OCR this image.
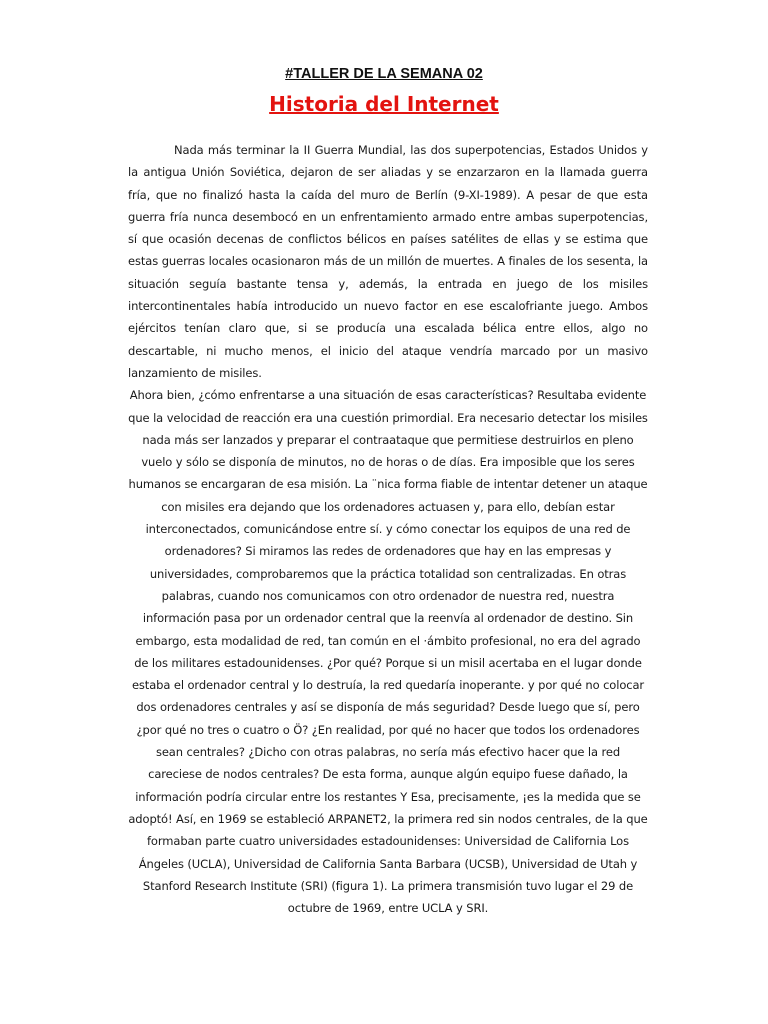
#TALLER DE LA SEMANA 02
Historia del Internet

Nada más terminar la II Guerra Mundial, las dos superpotencias, Estados Unidos y la antigua Unión Soviética, dejaron de ser aliadas y se enzarzaron en la llamada guerra fría, que no finalizó hasta la caída del muro de Berlín (9-XI-1989). A pesar de que esta guerra fría nunca desembocó en un enfrentamiento armado entre ambas superpotencias, sí que ocasión decenas de conflictos bélicos en países satélites de ellas y se estima que estas guerras locales ocasionaron más de un millón de muertes. A finales de los sesenta, la situación seguía bastante tensa y, además, la entrada en juego de los misiles intercontinentales había introducido un nuevo factor en ese escalofriante juego. Ambos ejércitos tenían claro que, si se producía una escalada bélica entre ellos, algo no descartable, ni mucho menos, el inicio del ataque vendría marcado por un masivo lanzamiento de misiles.

Ahora bien, ¿cómo enfrentarse a una situación de esas características? Resultaba evidente que la velocidad de reacción era una cuestión primordial. Era necesario detectar los misiles nada más ser lanzados y preparar el contraataque que permitiese destruirlos en pleno vuelo y sólo se disponía de minutos, no de horas o de días. Era imposible que los seres humanos se encargaran de esa misión. La ¨nica forma fiable de intentar detener un ataque con misiles era dejando que los ordenadores actuasen y, para ello, debían estar interconectados, comunicándose entre sí. y cómo conectar los equipos de una red de ordenadores? Si miramos las redes de ordenadores que hay en las empresas y universidades, comprobaremos que la práctica totalidad son centralizadas. En otras palabras, cuando nos comunicamos con otro ordenador de nuestra red, nuestra información pasa por un ordenador central que la reenvía al ordenador de destino. Sin embargo, esta modalidad de red, tan común en el ·ámbito profesional, no era del agrado de los militares estadounidenses. ¿Por qué? Porque si un misil acertaba en el lugar donde estaba el ordenador central y lo destruía, la red quedaría inoperante. y por qué no colocar dos ordenadores centrales y así se disponía de más seguridad? Desde luego que sí, pero ¿por qué no tres o cuatro o Ö? ¿En realidad, por qué no hacer que todos los ordenadores sean centrales? ¿Dicho con otras palabras, no sería más efectivo hacer que la red careciese de nodos centrales? De esta forma, aunque algún equipo fuese dañado, la información podría circular entre los restantes Y Esa, precisamente, ¡es la medida que se adoptó! Así, en 1969 se estableció ARPANET2, la primera red sin nodos centrales, de la que formaban parte cuatro universidades estadounidenses: Universidad de California Los Ángeles (UCLA), Universidad de California Santa Barbara (UCSB), Universidad de Utah y Stanford Research Institute (SRI) (figura 1). La primera transmisión tuvo lugar el 29 de octubre de 1969, entre UCLA y SRI.
